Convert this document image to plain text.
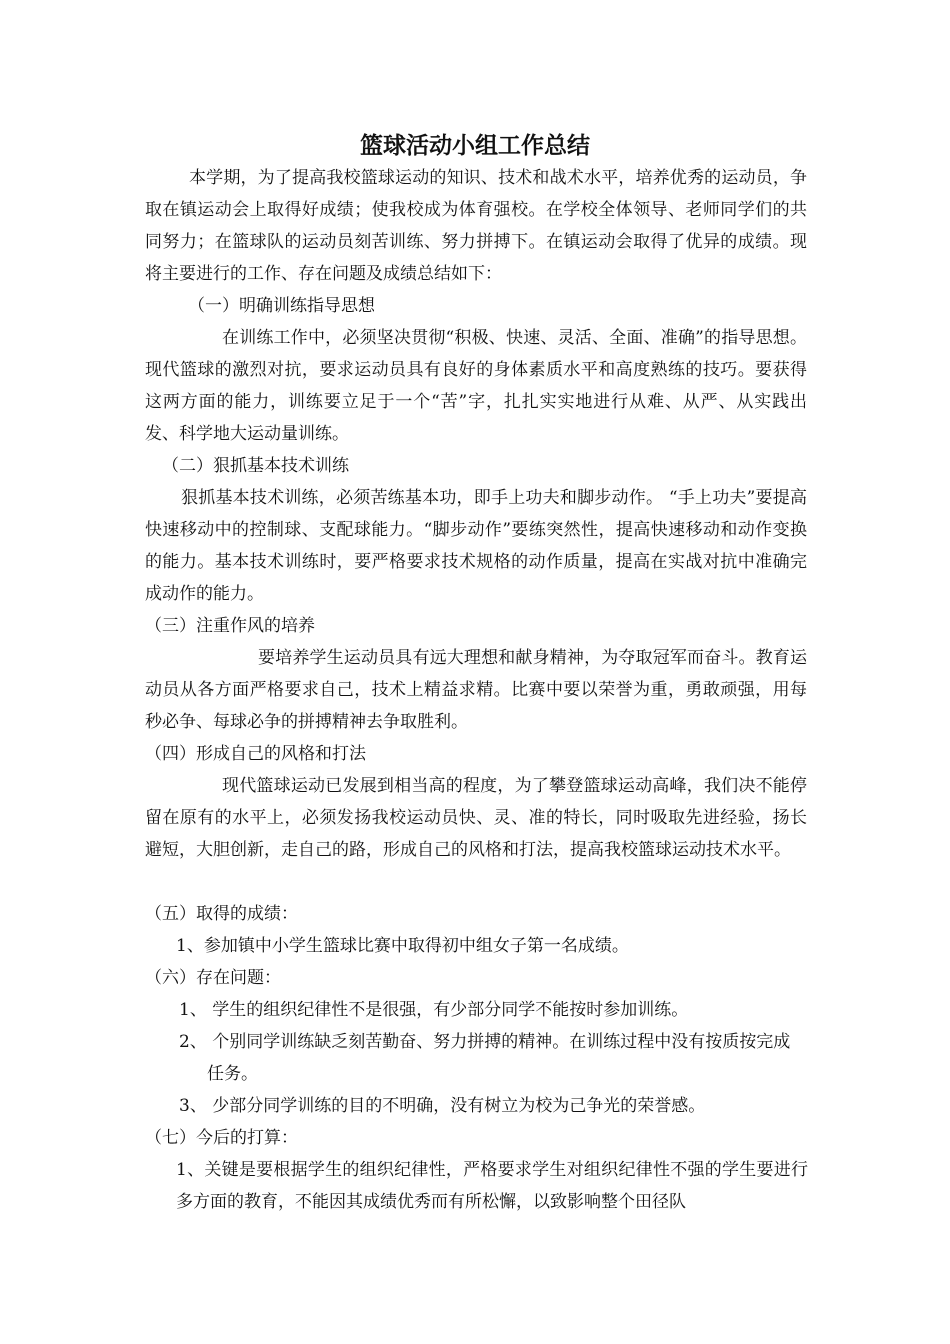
篮球活动小组工作总结

本学期，为了提高我校篮球运动的知识、技术和战术水平，培养优秀的运动员，争取在镇运动会上取得好成绩；使我校成为体育强校。在学校全体领导、老师同学们的共同努力；在篮球队的运动员刻苦训练、努力拼搏下。在镇运动会取得了优异的成绩。现将主要进行的工作、存在问题及成绩总结如下：

（一）明确训练指导思想

在训练工作中，必须坚决贯彻“积极、快速、灵活、全面、准确”的指导思想。现代篮球的激烈对抗，要求运动员具有良好的身体素质水平和高度熟练的技巧。要获得这两方面的能力，训练要立足于一个“苦”字，扎扎实实地进行从难、从严、从实践出发、科学地大运动量训练。

（二）狠抓基本技术训练

狠抓基本技术训练，必须苦练基本功，即手上功夫和脚步动作。 “手上功夫”要提高快速移动中的控制球、支配球能力。“脚步动作”要练突然性，提高快速移动和动作变换的能力。基本技术训练时，要严格要求技术规格的动作质量，提高在实战对抗中准确完成动作的能力。

（三）注重作风的培养

要培养学生运动员具有远大理想和献身精神，为夺取冠军而奋斗。教育运动员从各方面严格要求自己，技术上精益求精。比赛中要以荣誉为重，勇敢顽强，用每秒必争、每球必争的拼搏精神去争取胜利。

（四）形成自己的风格和打法

现代篮球运动已发展到相当高的程度，为了攀登篮球运动高峰，我们决不能停留在原有的水平上，必须发扬我校运动员快、灵、准的特长，同时吸取先进经验，扬长避短，大胆创新，走自己的路，形成自己的风格和打法，提高我校篮球运动技术水平。

（五）取得的成绩：

1、参加镇中小学生篮球比赛中取得初中组女子第一名成绩。

（六）存在问题：

1、 学生的组织纪律性不是很强，有少部分同学不能按时参加训练。

2、 个别同学训练缺乏刻苦勤奋、努力拼搏的精神。在训练过程中没有按质按完成任务。

3、 少部分同学训练的目的不明确，没有树立为校为己争光的荣誉感。

（七）今后的打算：

1、关键是要根据学生的组织纪律性，严格要求学生对组织纪律性不强的学生要进行多方面的教育，不能因其成绩优秀而有所松懈，以致影响整个田径队
